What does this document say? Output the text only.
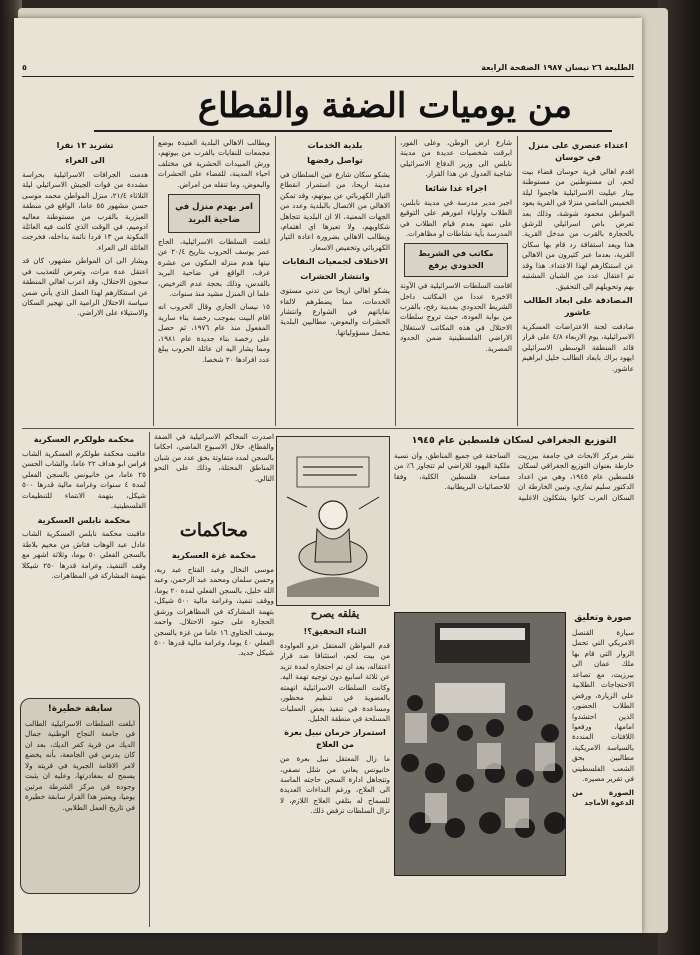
الطليعة ٢٦ نيسان ١٩٨٧ الصفحة الرابعة
٥
من يوميات الضفة والقطاع
اعتداء عنصري على منزل في حوسان

اقدم اهالي قرية حوسان قضاء بيت لحم، ان مستوطنين من مستوطنة بيتار عيليت الاسرائيلية هاجموا ليلة الخميس الماضي منزلا في القرية يعود المواطن محمود شوشة، وذلك بعد تعرض باص اسرائيلي للرشق بالحجارة بالقرب من مدخل القرية. هذا ويعد استفاقة رد قام بها سكان القرية، بعدما عبر كثيرون من الاهالي عن استنكارهم لهذا الاعتداء. هذا وقد تم اعتقال عدد من الشبان المشتبه بهم وتحويلهم الى التحقيق.

المصادقة على ابعاد الطالب عاشور

صادقت لجنة الاعتراضات العسكرية الاسرائيلية، يوم الاربعاء ٤/٨ على قرار قائد المنطقة الوسطى الاسرائيلي ايهود براك بابعاد الطالب خليل ابراهيم عاشور.

شارع ارض الوطن، وعلى الفور، ابرقت شخصيات عديدة من مدينة نابلس الى وزير الدفاع الاسرائيلي شاجبة العدول عن هذا القرار.

اجراء غدا شائعا

اجبر مدير مدرسة في مدينة نابلس، الطلاب واولياء امورهم على التوقيع على تعهد بعدم قيام الطلاب في المدرسة بأية نشاطات او مظاهرات.

مكاتب في الشريط الحدودي يرفع

اقامت السلطات الاسرائيلية في الآونة الاخيرة عددا من المكاتب داخل الشريط الحدودي بمدينة رفح، بالقرب من بوابة العودة، حيث تروج سلطات الاحتلال في هذه المكاتب لاستغلال الاراضي الفلسطينية ضمن الحدود المصرية.

بلدية الخدمات
تواصل رفضها

يشكو سكان شارع عين السلطان في مدينة اريحا، من استمرار انقطاع التيار الكهربائي عن بيوتهم، وقد تمكن الاهالي من الاتصال بالبلدية وعدد من الجهات المعنية، الا ان البلدية تتجاهل شكاويهم، ولا تعيرها اي اهتمام، ويطالب الاهالي بضرورة اعادة التيار الكهربائي وتخفيض الاسعار.

الاختلاف لجمعيات النقابات
وانتشار الحشرات

يشكو اهالي اريحا من تدني مستوى الخدمات، مما يضطرهم لالقاء نفاياتهم في الشوارع وانتشار الحشرات والبعوض، مطالبين البلدية بتحمل مسؤولياتها.

ويطالب الاهالي البلدية العتيدة بوضع مجمعات للنفايات بالقرب من بيوتهم، ورش المبيدات الحشرية في مختلف احياء المدينة، للقضاء على الحشرات والبعوض، وما تنقله من امراض.

امر بهدم منزل في ضاحية البريد

ابلغت السلطات الاسرائيلية، الحاج عمر يوسف الحروب بتاريخ ٢٠/٤ عن نيتها هدم منزله المكون من عشرة غرف، الواقع في ضاحية البريد بالقدس، وذلك بحجة عدم الترخيص، علما ان المنزل مشيد منذ سنوات.

١٥ نيسان الجاري وقال الحروب انه اقام البيت بموجب رخصة بناء سارية المفعول منذ عام ١٩٧٦، ثم حصل على رخصة بناء جديدة عام ١٩٨١، ومما يشار اليه ان عائلة الحروب يبلغ عدد افرادها ٢٠ شخصا.

تشريد ١٣ نفرا
الى العراء

هدمت الجرافات الاسرائيلية بحراسة مشددة من قوات الجيش الاسرائيلي ليلة الثلاثاء ٢١/٤، منزل المواطن محمد موسى حسن مشهور ٥٥ عاما، الواقع في منطقة العيزرية بالقرب من مستوطنة معاليه ادوميم، في الوقت الذي كانت فيه العائلة المكونة من ١٣ فردا نائمة بداخله، فخرجت العائلة الى العراء.

ويشار الى ان المواطن مشهور، كان قد اعتقل عدة مرات، وتعرض للتعذيب في سجون الاحتلال، وقد اعرب اهالي المنطقة عن استنكارهم لهذا العمل الذي يأتي ضمن سياسة الاحتلال الرامية الى تهجير السكان والاستيلاء على الاراضي.

التوزيع الجغرافي لسكان فلسطين عام ١٩٤٥

نشر مركز الابحاث في جامعة بيرزيت خارطة بعنوان التوزيع الجغرافي لسكان فلسطين عام ١٩٤٥، وهي من اعداد الدكتور سليم تماري، وتبين الخارطة ان السكان العرب كانوا يشكلون الاغلبية الساحقة في جميع المناطق، وان نسبة ملكية اليهود للاراضي لم تتجاوز ٦٪ من مساحة فلسطين الكلية، وفقا للاحصائيات البريطانية.

صورة وتعليق

سيارة القنصل الامريكي التي تحمل الزوار التي قام بها ملك عمان الى بيرزيت، مع تصاعد الاحتجاجات الطلابية على الزيارة، ورفض الطلاب الحضور، الذين احتشدوا امامها، ورفعوا اللافتات المنددة بالسياسة الامريكية، مطالبين بحق الشعب الفلسطيني في تقرير مصيره.

الصورة من الدعوة الأماجد

يقلقه يصرح
الثناء التحقيق؟!

قدم المواطن المعتقل عزو العواودة من بيت لحم، استئنافا ضد قرار اعتقاله، بعد ان تم احتجازه لمدة تزيد عن ثلاثة اسابيع دون توجيه تهمة اليه. وكانت السلطات الاسرائيلية اتهمته بالعضوية في تنظيم محظور، ومساعدة في تنفيذ بعض العمليات المسلحة في منطقة الخليل.

استمرار حرمان نبيل بعرة من العلاج

ما زال المعتقل نبيل بعرة من خانيونس يعاني من شلل نصفي، وتتجاهل ادارة السجن حاجته الماسة الى العلاج، ورغم النداءات العديدة للسماح له بتلقي العلاج اللازم، لا تزال السلطات ترفض ذلك.

محاكمات

اصدرت المحاكم الاسرائيلية في الضفة والقطاع، خلال الاسبوع الماضي، احكاما بالسجن لمدد متفاوتة بحق عدد من شبان المناطق المحتلة، وذلك على النحو التالي.

محكمة غزة العسكرية

موسى النخال وعبد الفتاح عبد ربه، وحسن سلمان ومحمد عبد الرحمن، وعبد الله خليل، بالسجن الفعلي لمدة ٢٠ يوما، ووقف تنفيذ، وغرامة مالية ٥٠٠ شيكل، بتهمة المشاركة في المظاهرات ورشق الحجارة على جنود الاحتلال. واحمد يوسف الحتاوي ١٦ عاما من غزة بالسجن الفعلي ٤٠ يوما، وغرامة مالية قدرها ٥٠٠ شيكل جديد.

محكمة طولكرم العسكرية

عاقبت محكمة طولكرم العسكرية الشاب فراس ابو هداف ٢٢ عاما، والشاب الحسن ٢٥ عاما، من خانيونس بالسجن الفعلي لمدة ٤ سنوات وغرامة مالية قدرها ٥٠٠ شيكل، بتهمة الانتماء للتنظيمات الفلسطينية.

محكمة نابلس العسكرية

عاقبت محكمة نابلس العسكرية الشاب عادل عبد الوهاب فتاش من مخيم بلاطة بالسجن الفعلي ٥٠ يوما، وثلاثة اشهر مع وقف التنفيذ، وغرامة قدرها ٢٥٠ شيكلا بتهمة المشاركة في المظاهرات.

سابقة خطيرة!
ابلغت السلطات الاسرائيلية الطالب في جامعة النجاح الوطنية جمال الديك من قرية كفر الديك، بعد ان كان يدرس في الجامعة، بأنه يخضع لامر الاقامة الجبرية في قريته ولا يسمح له بمغادرتها، وعليه ان يثبت وجوده في مركز الشرطة مرتين يوميا، ويعتبر هذا القرار سابقة خطيرة في تاريخ العمل الطلابي.
